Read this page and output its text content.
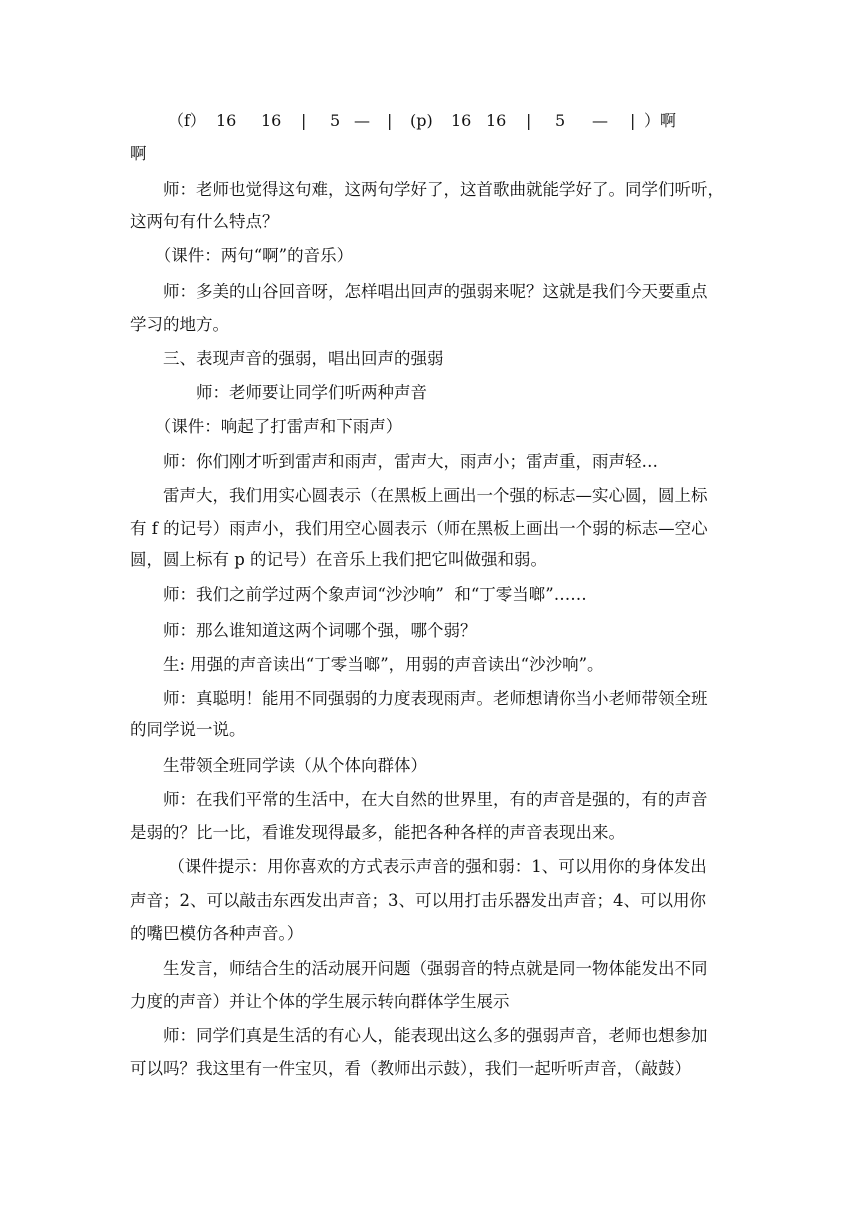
（f） 16 16 | 5 — | (p) 16 16 | 5 — | ）啊
啊
　　师：老师也觉得这句难，这两句学好了，这首歌曲就能学好了。同学们听听，
这两句有什么特点？
　　（课件：两句“啊”的音乐）
　　师：多美的山谷回音呀，怎样唱出回声的强弱来呢？这就是我们今天要重点
学习的地方。
　　三、表现声音的强弱，唱出回声的强弱
　　　　师：老师要让同学们听两种声音
　　（课件：响起了打雷声和下雨声）
　　师：你们刚才听到雷声和雨声，雷声大，雨声小；雷声重，雨声轻…
　　雷声大，我们用实心圆表示（在黑板上画出一个强的标志—实心圆，圆上标
有 f 的记号）雨声小，我们用空心圆表示（师在黑板上画出一个弱的标志—空心
圆，圆上标有 p 的记号）在音乐上我们把它叫做强和弱。
　　师：我们之前学过两个象声词“沙沙响”  和“丁零当啷”……
　　师：那么谁知道这两个词哪个强，哪个弱？
　　生: 用强的声音读出“丁零当啷”，用弱的声音读出“沙沙响”。
　　师：真聪明！能用不同强弱的力度表现雨声。老师想请你当小老师带领全班
的同学说一说。
　　生带领全班同学读（从个体向群体）
　　师：在我们平常的生活中，在大自然的世界里，有的声音是强的，有的声音
是弱的？比一比，看谁发现得最多，能把各种各样的声音表现出来。
　　 （课件提示：用你喜欢的方式表示声音的强和弱：1、可以用你的身体发出
声音；2、可以敲击东西发出声音；3、可以用打击乐器发出声音；4、可以用你
的嘴巴模仿各种声音。）
　　生发言，师结合生的活动展开问题（强弱音的特点就是同一物体能发出不同
力度的声音）并让个体的学生展示转向群体学生展示
　　师：同学们真是生活的有心人，能表现出这么多的强弱声音，老师也想参加
可以吗？我这里有一件宝贝，看（教师出示鼓），我们一起听听声音，（敲鼓）
